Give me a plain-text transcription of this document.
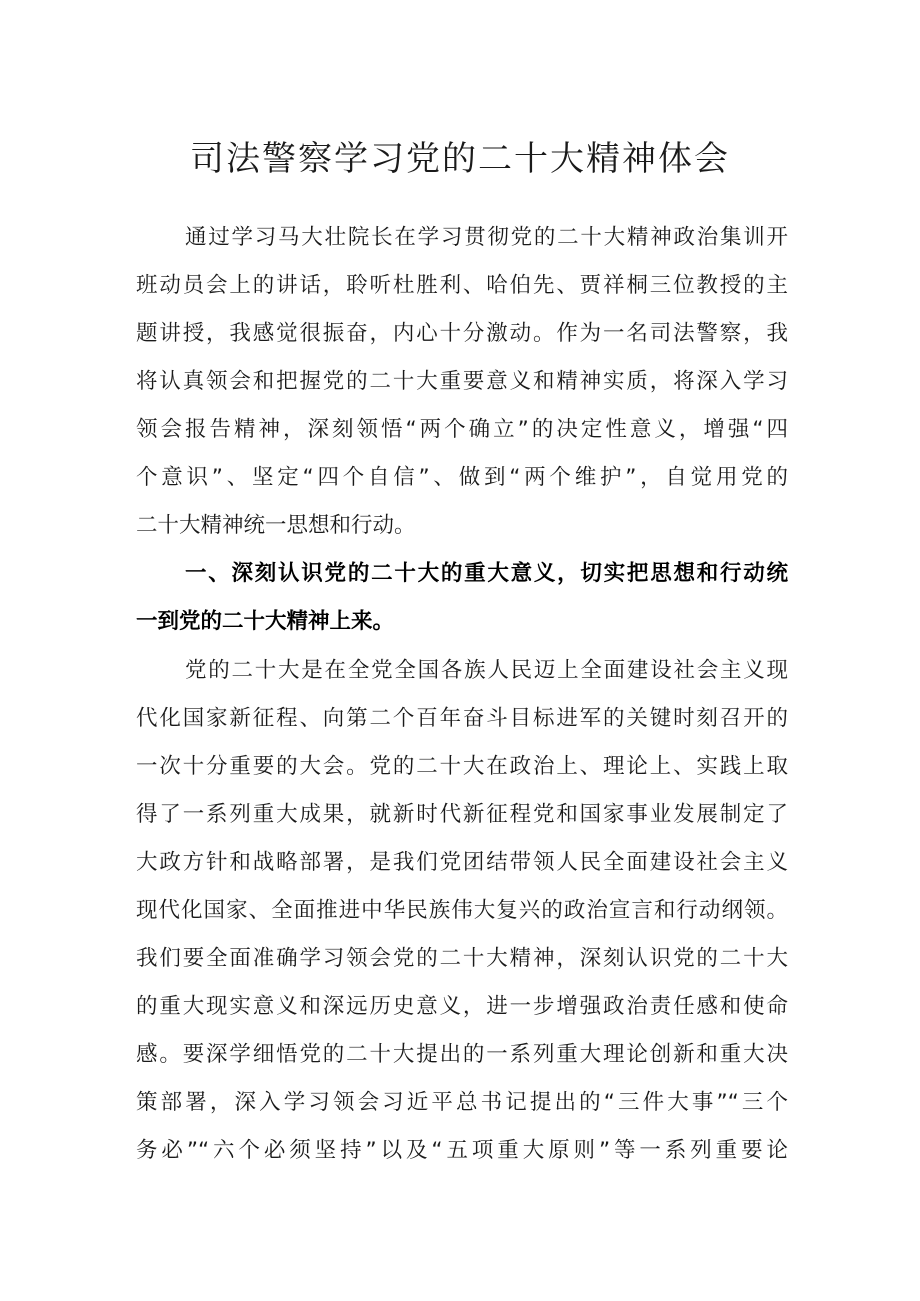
司法警察学习党的二十大精神体会
通过学习马大壮院长在学习贯彻党的二十大精神政治集训开
班动员会上的讲话，聆听杜胜利、哈伯先、贾祥桐三位教授的主
题讲授，我感觉很振奋，内心十分激动。作为一名司法警察，我
将认真领会和把握党的二十大重要意义和精神实质，将深入学习
领会报告精神，深刻领悟“两个确立”的决定性意义，增强“四
个意识”、坚定“四个自信”、做到“两个维护”，自觉用党的
二十大精神统一思想和行动。
一、深刻认识党的二十大的重大意义，切实把思想和行动统
一到党的二十大精神上来。
党的二十大是在全党全国各族人民迈上全面建设社会主义现
代化国家新征程、向第二个百年奋斗目标进军的关键时刻召开的
一次十分重要的大会。党的二十大在政治上、理论上、实践上取
得了一系列重大成果，就新时代新征程党和国家事业发展制定了
大政方针和战略部署，是我们党团结带领人民全面建设社会主义
现代化国家、全面推进中华民族伟大复兴的政治宣言和行动纲领。
我们要全面准确学习领会党的二十大精神，深刻认识党的二十大
的重大现实意义和深远历史意义，进一步增强政治责任感和使命
感。要深学细悟党的二十大提出的一系列重大理论创新和重大决
策部署，深入学习领会习近平总书记提出的“三件大事”“三个
务必”“六个必须坚持”以及“五项重大原则”等一系列重要论
